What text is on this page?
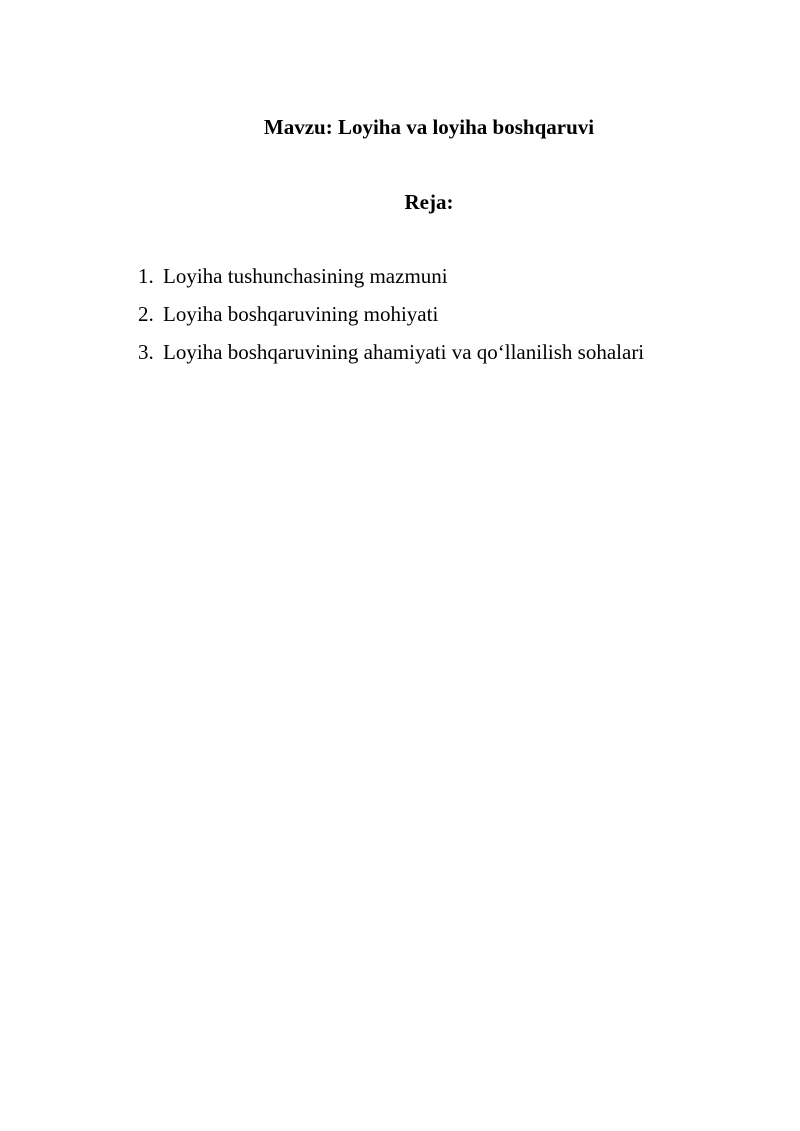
Mavzu: Loyiha va loyiha boshqaruvi
Reja:
1. Loyiha tushunchasining mazmuni
2. Loyiha boshqaruvining mohiyati
3. Loyiha boshqaruvining ahamiyati va qo‘llanilish sohalari
